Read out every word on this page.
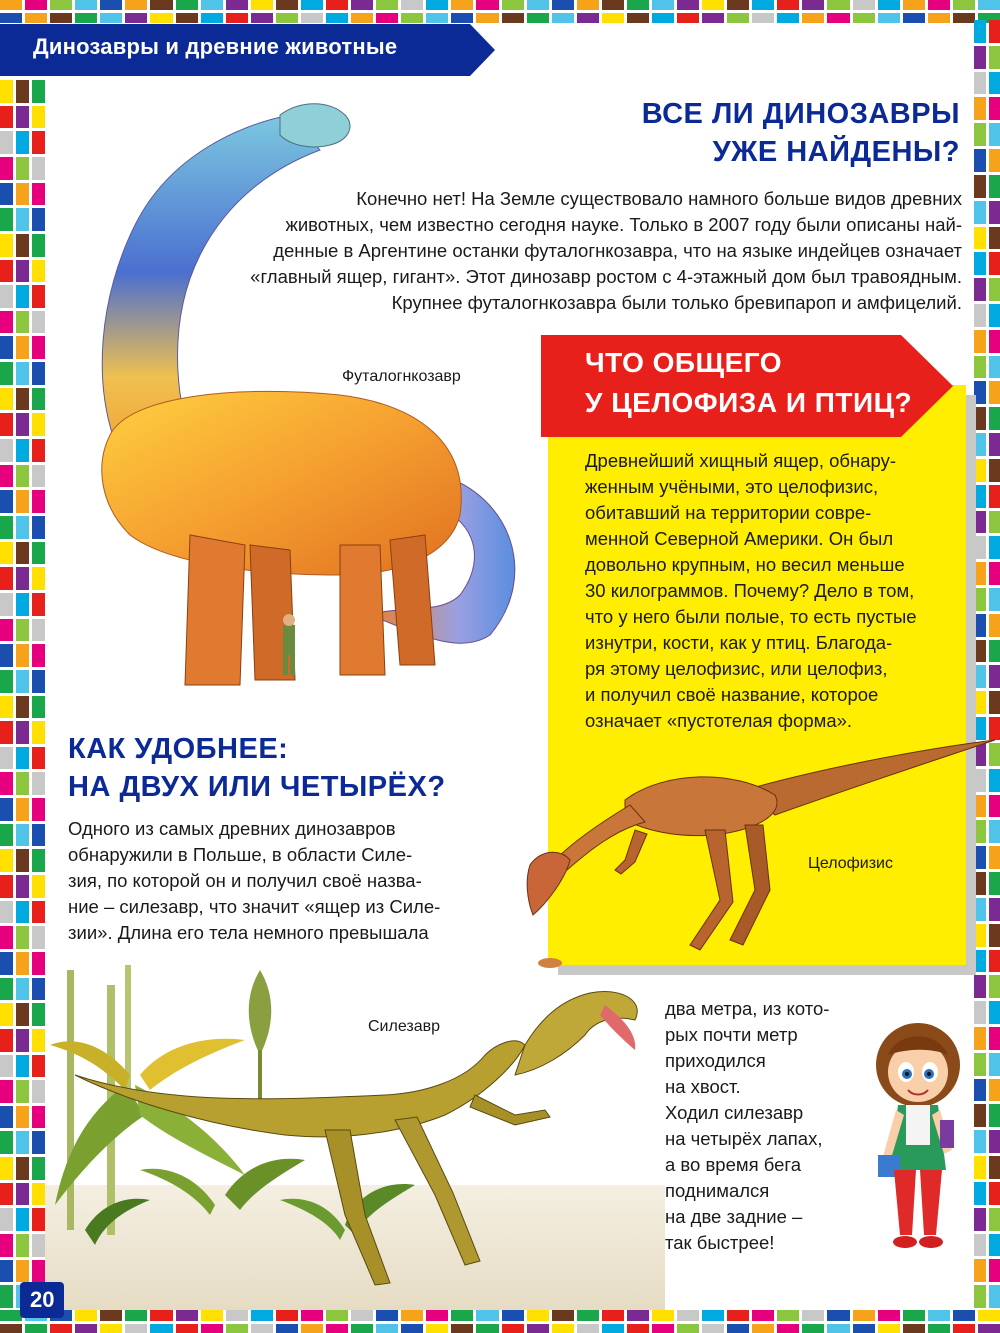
Динозавры и древние животные
ВСЕ ЛИ ДИНОЗАВРЫ
УЖЕ НАЙДЕНЫ?
Конечно нет! На Земле существовало намного больше видов древних
животных, чем известно сегодня науке. Только в 2007 году были описаны най-
денные в Аргентине останки футалогнкозавра, что на языке индейцев означает
«главный ящер, гигант». Этот динозавр ростом с 4-этажный дом был травоядным.
Крупнее футалогнкозавра были только бревипароп и амфицелий.
Футалогнкозавр	ЧТО ОБЩЕГО
У ЦЕЛОФИЗА И ПТИЦ?
Древнейший хищный ящер, обнару-
женным учёными, это целофизис,
обитавший на территории совре-
менной Северной Америки. Он был
довольно крупным, но весил меньше
30 килограммов. Почему? Дело в том,
что у него были полые, то есть пустые
изнутри, кости, как у птиц. Благода-
ря этому целофизис, или целофиз,
и получил своё название, которое
означает «пустотелая форма».
Целофизис
КАК УДОБНЕЕ:
НА ДВУХ ИЛИ ЧЕТЫРЁХ?
Одного из самых древних динозавров
обнаружили в Польше, в области Силе-
зия, по которой он и получил своё назва-
ние – силезавр, что значит «ящер из Силе-
зии». Длина его тела немного превышала
два метра, из кото-
рых почти метр
приходился
на хвост.
Ходил силезавр
на четырёх лапах,
а во время бега
поднимался
на две задние –
так быстрее!
Силезавр
20
